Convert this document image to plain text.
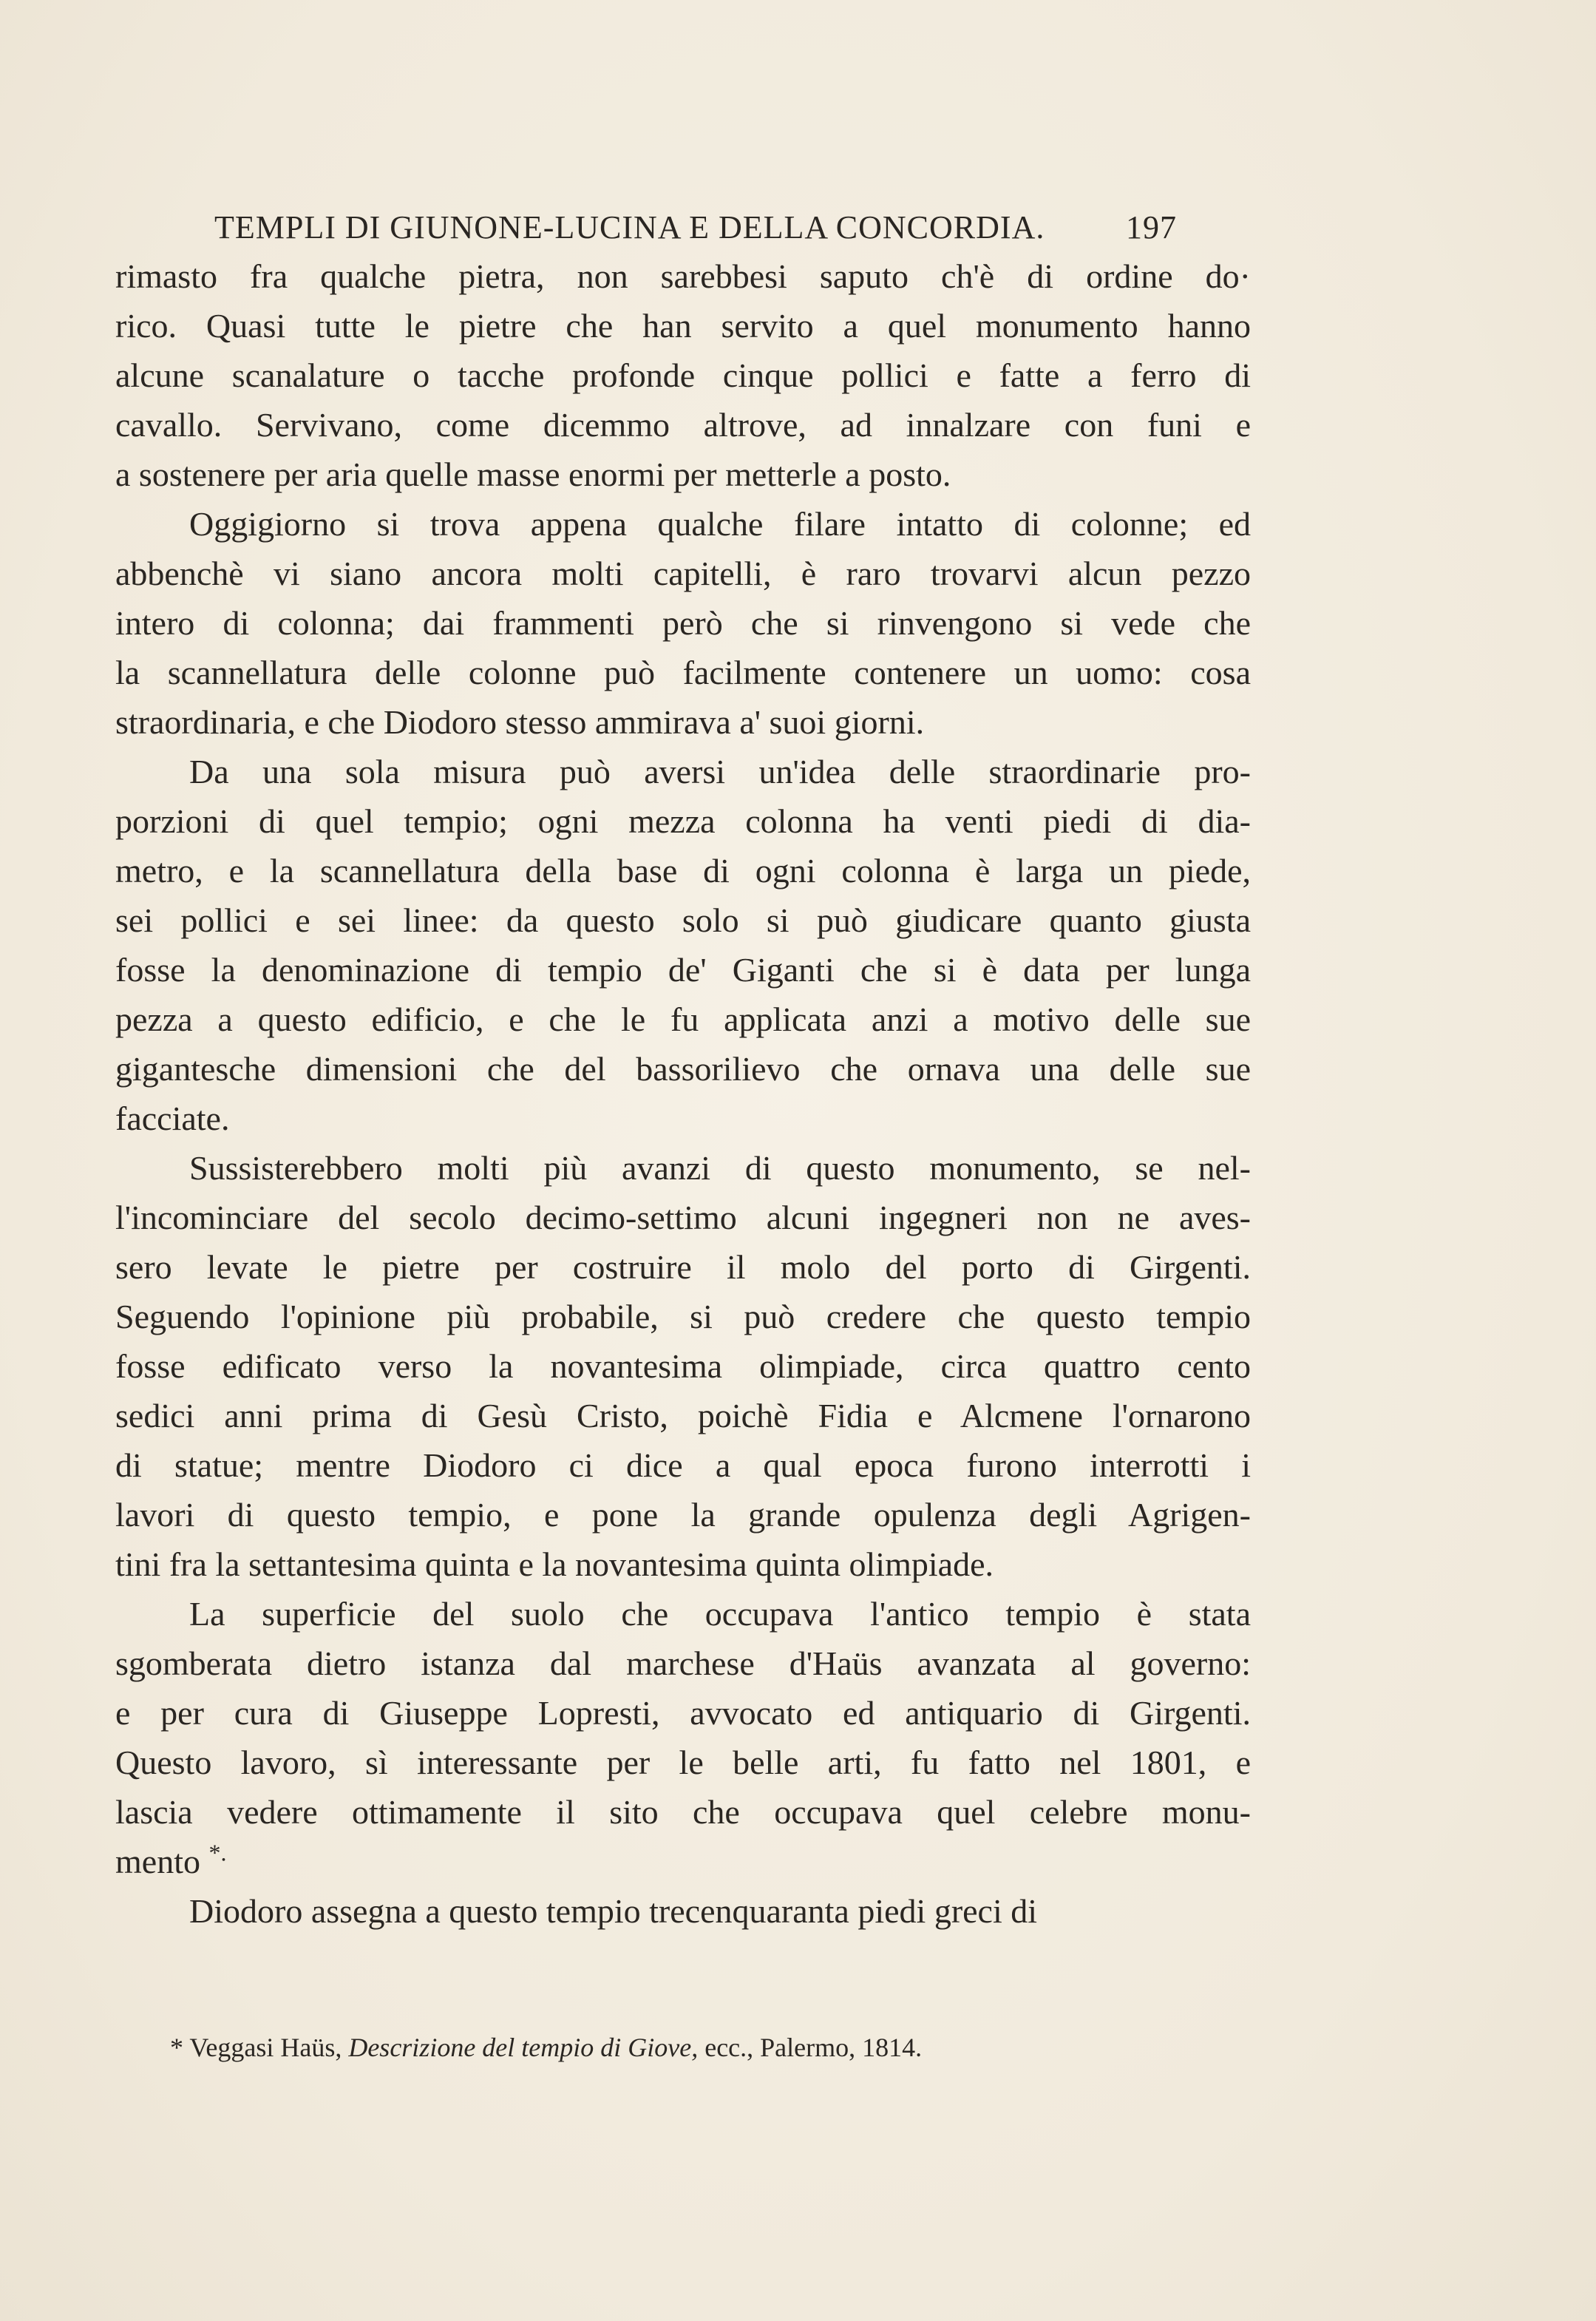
TEMPLI DI GIUNONE-LUCINA E DELLA CONCORDIA. 197
rimasto fra qualche pietra, non sarebbesi saputo ch'è di ordine do·
rico. Quasi tutte le pietre che han servito a quel monumento hanno
alcune scanalature o tacche profonde cinque pollici e fatte a ferro di
cavallo. Servivano, come dicemmo altrove, ad innalzare con funi e
a sostenere per aria quelle masse enormi per metterle a posto.
Oggigiorno si trova appena qualche filare intatto di colonne; ed
abbenchè vi siano ancora molti capitelli, è raro trovarvi alcun pezzo
intero di colonna; dai frammenti però che si rinvengono si vede che
la scannellatura delle colonne può facilmente contenere un uomo: cosa
straordinaria, e che Diodoro stesso ammirava a' suoi giorni.
Da una sola misura può aversi un'idea delle straordinarie pro-
porzioni di quel tempio; ogni mezza colonna ha venti piedi di dia-
metro, e la scannellatura della base di ogni colonna è larga un piede,
sei pollici e sei linee: da questo solo si può giudicare quanto giusta
fosse la denominazione di tempio de' Giganti che si è data per lunga
pezza a questo edificio, e che le fu applicata anzi a motivo delle sue
gigantesche dimensioni che del bassorilievo che ornava una delle sue
facciate.
Sussisterebbero molti più avanzi di questo monumento, se nel-
l'incominciare del secolo decimo-settimo alcuni ingegneri non ne aves-
sero levate le pietre per costruire il molo del porto di Girgenti.
Seguendo l'opinione più probabile, si può credere che questo tempio
fosse edificato verso la novantesima olimpiade, circa quattro cento
sedici anni prima di Gesù Cristo, poichè Fidia e Alcmene l'ornarono
di statue; mentre Diodoro ci dice a qual epoca furono interrotti i
lavori di questo tempio, e pone la grande opulenza degli Agrigen-
tini fra la settantesima quinta e la novantesima quinta olimpiade.
La superficie del suolo che occupava l'antico tempio è stata
sgomberata dietro istanza dal marchese d'Haüs avanzata al governo:
e per cura di Giuseppe Lopresti, avvocato ed antiquario di Girgenti.
Questo lavoro, sì interessante per le belle arti, fu fatto nel 1801, e
lascia vedere ottimamente il sito che occupava quel celebre monu-
mento *.
Diodoro assegna a questo tempio trecenquaranta piedi greci di
* Veggasi Haüs, Descrizione del tempio di Giove, ecc., Palermo, 1814.
